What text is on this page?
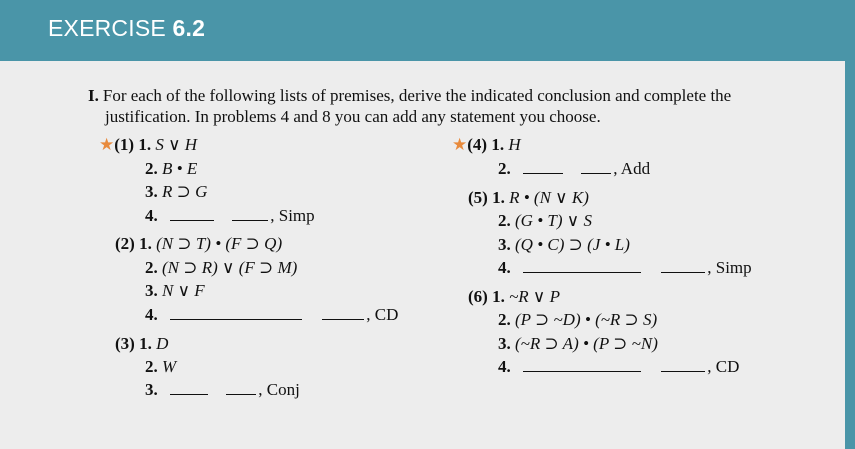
EXERCISE 6.2
I. For each of the following lists of premises, derive the indicated conclusion and complete the
justification. In problems 4 and 8 you can add any statement you choose.
★(1) 1. S ∨ H
2. B • E
3. R ⊃ G
4.	, Simp
(2) 1. (N ⊃ T) • (F ⊃ Q)
2. (N ⊃ R) ∨ (F ⊃ M)
3. N ∨ F
4.	, CD
(3) 1. D
2. W
3.	, Conj
★(4) 1. H
2.	, Add
(5) 1. R • (N ∨ K)
2. (G • T) ∨ S
3. (Q • C) ⊃ (J • L)
4.	, Simp
(6) 1. ~R ∨ P
2. (P ⊃ ~D) • (~R ⊃ S)
3. (~R ⊃ A) • (P ⊃ ~N)
4.	, CD
